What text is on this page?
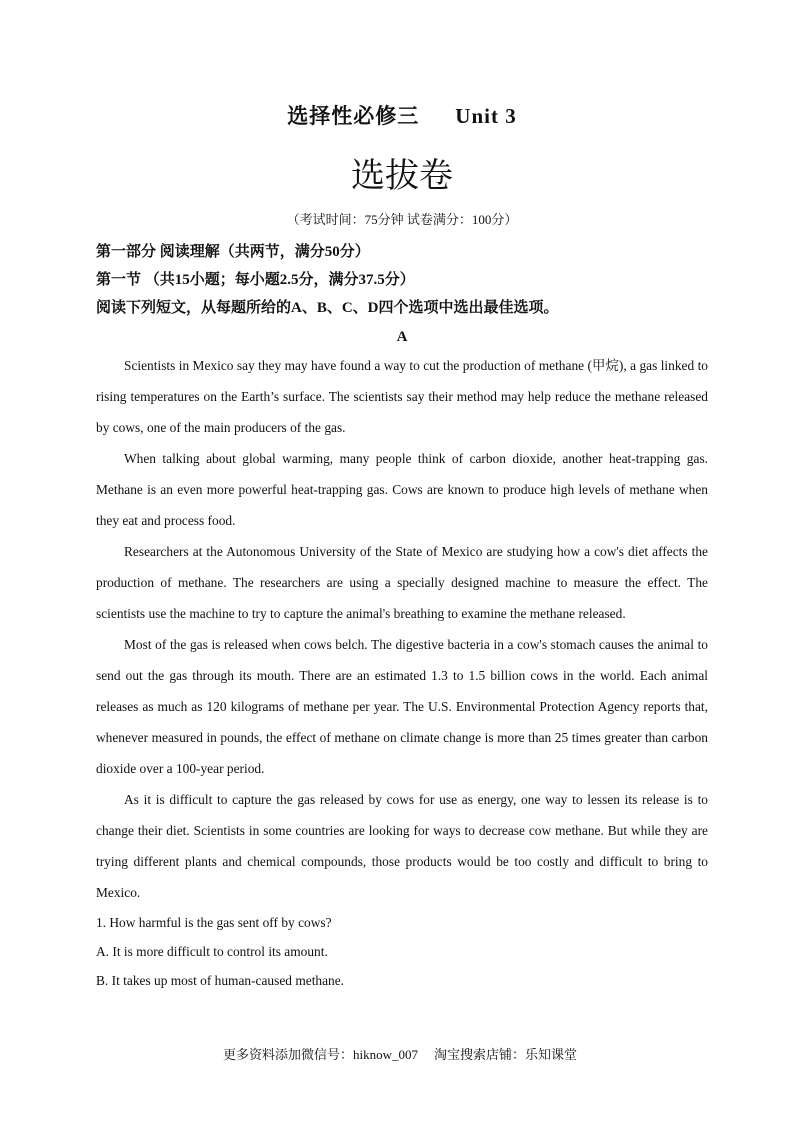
选择性必修三 Unit 3
选拔卷
（考试时间：75分钟 试卷满分：100分）
第一部分 阅读理解（共两节，满分50分）
第一节 （共15小题；每小题2.5分，满分37.5分）
阅读下列短文，从每题所给的A、B、C、D四个选项中选出最佳选项。
A

Scientists in Mexico say they may have found a way to cut the production of methane (甲烷), a gas linked to rising temperatures on the Earth’s surface. The scientists say their method may help reduce the methane released by cows, one of the main producers of the gas.

When talking about global warming, many people think of carbon dioxide, another heat-trapping gas. Methane is an even more powerful heat-trapping gas. Cows are known to produce high levels of methane when they eat and process food.

Researchers at the Autonomous University of the State of Mexico are studying how a cow's diet affects the production of methane. The researchers are using a specially designed machine to measure the effect. The scientists use the machine to try to capture the animal's breathing to examine the methane released.

Most of the gas is released when cows belch. The digestive bacteria in a cow's stomach causes the animal to send out the gas through its mouth. There are an estimated 1.3 to 1.5 billion cows in the world. Each animal releases as much as 120 kilograms of methane per year. The U.S. Environmental Protection Agency reports that, whenever measured in pounds, the effect of methane on climate change is more than 25 times greater than carbon dioxide over a 100-year period.

As it is difficult to capture the gas released by cows for use as energy, one way to lessen its release is to change their diet. Scientists in some countries are looking for ways to decrease cow methane. But while they are trying different plants and chemical compounds, those products would be too costly and difficult to bring to Mexico.

1. How harmful is the gas sent off by cows?

A. It is more difficult to control its amount.

B. It takes up most of human-caused methane.

更多资料添加微信号：hiknow_007 淘宝搜索店铺：乐知课堂
